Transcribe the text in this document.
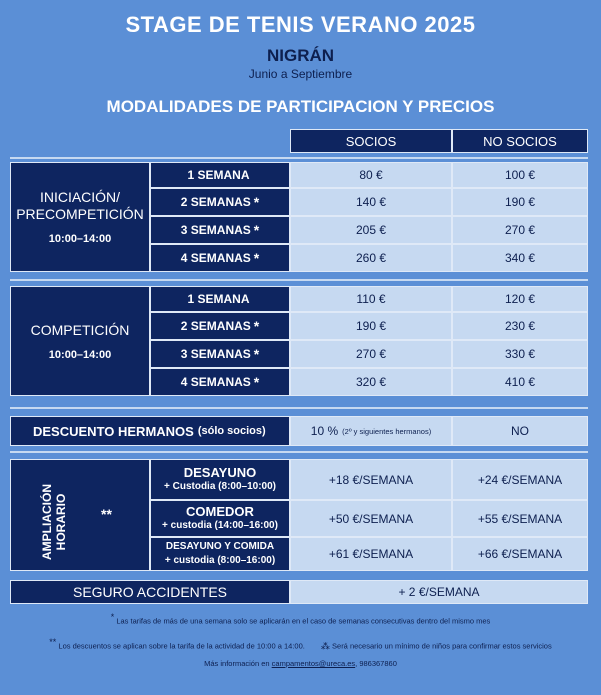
STAGE DE TENIS VERANO 2025
NIGRÁN
Junio a Septiembre
MODALIDADES DE PARTICIPACION Y PRECIOS
SOCIOS	NO SOCIOS
INICIACIÓN/ PRECOMPETICIÓN
10:00–14:00
1 SEMANA	80 €	100 €
2 SEMANAS *	140 €	190 €
3 SEMANAS *	205 €	270 €
4 SEMANAS *	260 €	340 €
COMPETICIÓN
10:00–14:00
1 SEMANA	110 €	120 €
2 SEMANAS *	190 €	230 €
3 SEMANAS *	270 €	330 €
4 SEMANAS *	320 €	410 €
DESCUENTO HERMANOS (sólo socios)	10 % (2º y siguientes hermanos)	NO
AMPLIACIÓN HORARIO **
DESAYUNO
+ Custodia (8:00–10:00)	+18 €/SEMANA	+24 €/SEMANA
COMEDOR
+ custodia (14:00–16:00)	+50 €/SEMANA	+55 €/SEMANA
DESAYUNO Y COMIDA
+ custodia (8:00–16:00)	+61 €/SEMANA	+66 €/SEMANA
SEGURO ACCIDENTES	+ 2 €/SEMANA
* Las tarifas de más de una semana solo se aplicarán en el caso de semanas consecutivas dentro del mismo mes
** Los descuentos se aplican sobre la tarifa de la actividad de 10:00 a 14:00. ⁂ Será necesario un mínimo de niños para confirmar estos servicios
Más información en campamentos@ureca.es, 986367860
